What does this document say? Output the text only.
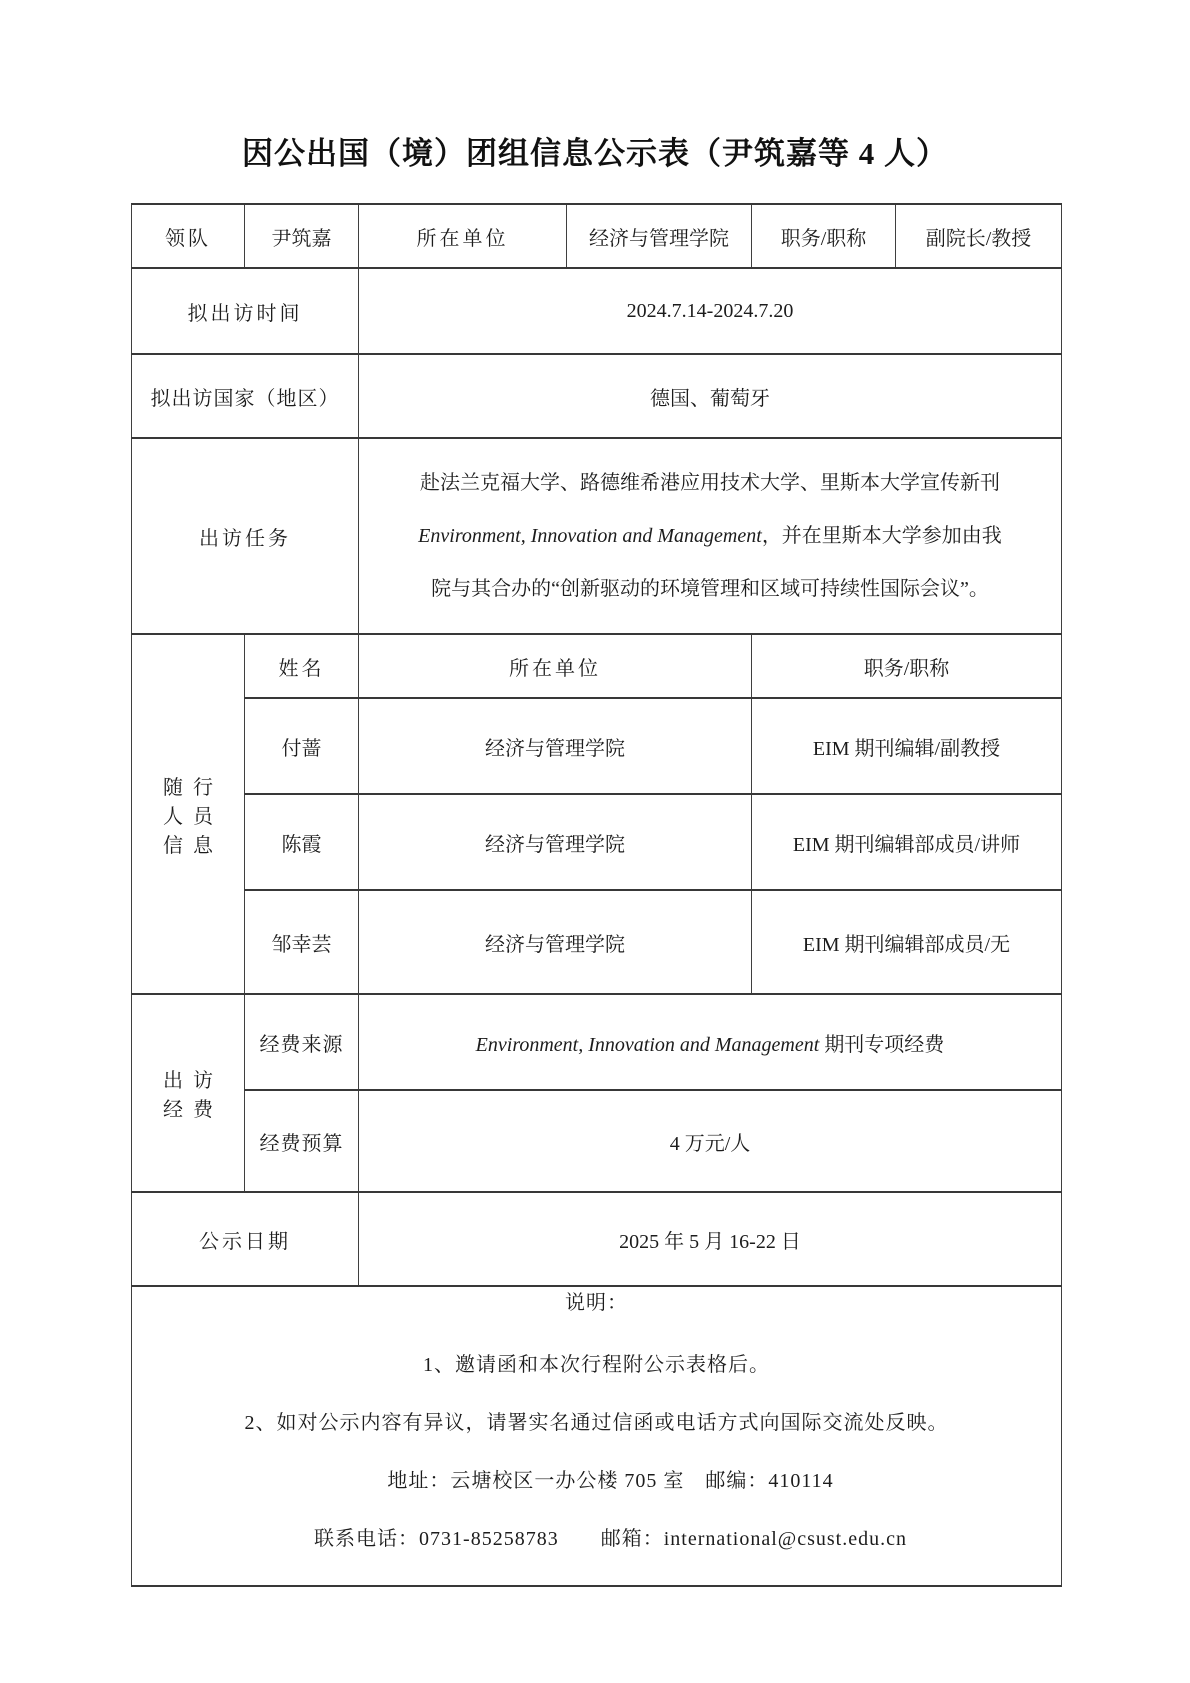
因公出国（境）团组信息公示表（尹筑嘉等 4 人）
领队	尹筑嘉	所在单位	经济与管理学院	职务/职称	副院长/教授
拟出访时间		2024.7.14-2024.7.20			
拟出访国家（地区）		德国、葡萄牙			
出访任务		赴法兰克福大学、路德维希港应用技术大学、里斯本大学宣传新刊
Environment, Innovation and Management，并在里斯本大学参加由我
院与其合办的“创新驱动的环境管理和区域可持续性国际会议”。			

随行
人员
信息	姓名	所在单位		职务/职称	
	付蔷	经济与管理学院		EIM 期刊编辑/副教授	
	陈霞	经济与管理学院		EIM 期刊编辑部成员/讲师	
	邹幸芸	经济与管理学院		EIM 期刊编辑部成员/无	

出访
经费	经费来源	Environment, Innovation and Management 期刊专项经费			
	经费预算	4 万元/人			
公示日期		2025 年 5 月 16-22 日			

说明：
1、邀请函和本次行程附公示表格后。
2、如对公示内容有异议，请署实名通过信函或电话方式向国际交流处反映。
地址：云塘校区一办公楼 705 室　邮编：410114
联系电话：0731-85258783　　邮箱：international@csust.edu.cn					
